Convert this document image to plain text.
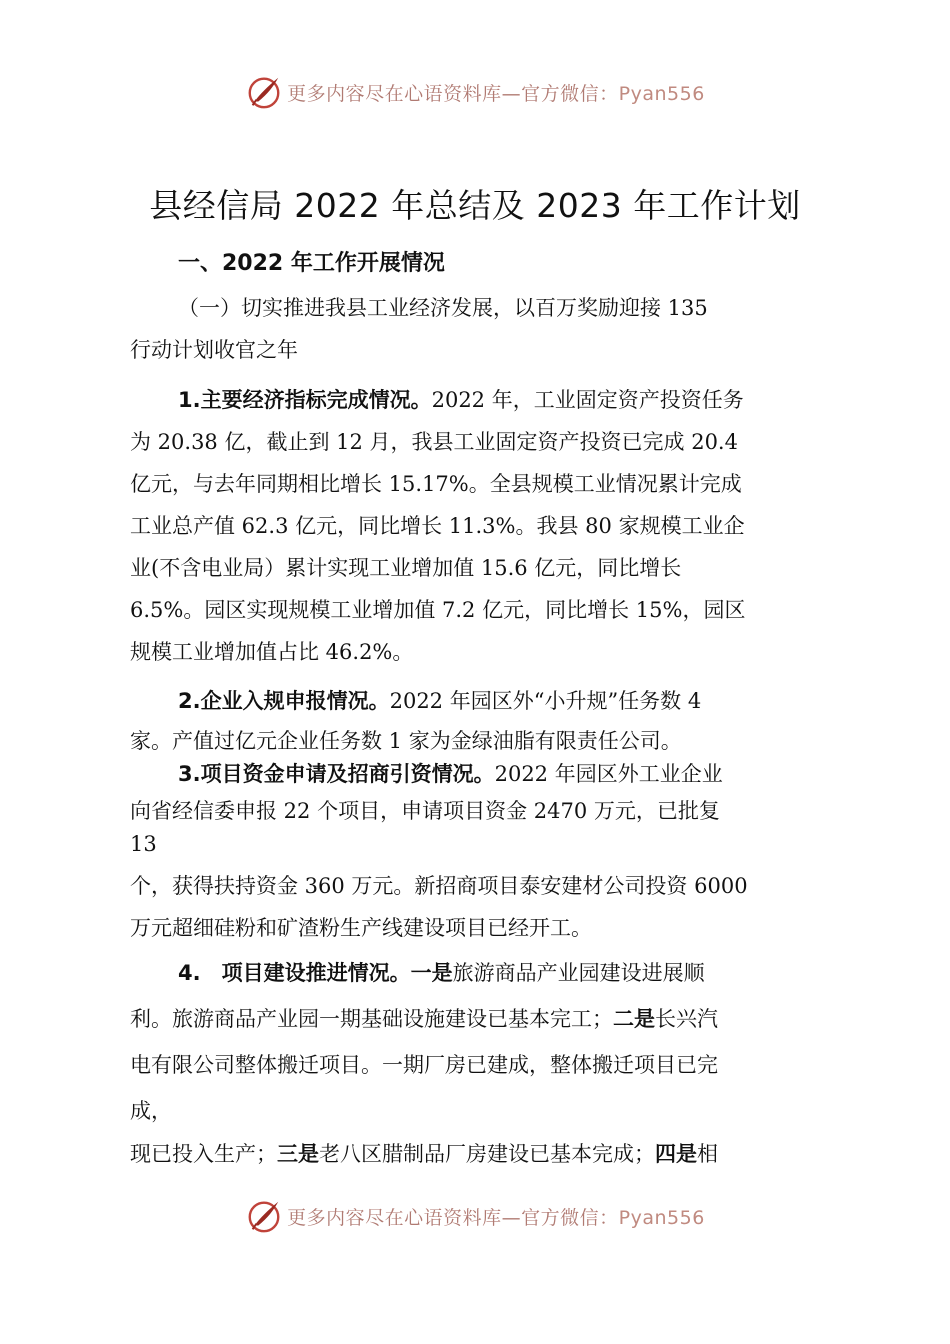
更多内容尽在心语资料库—官方微信：Pyan556
县经信局 2022 年总结及 2023 年工作计划
一、2022 年工作开展情况
（一）切实推进我县工业经济发展，以百万奖励迎接 135
行动计划收官之年
1.主要经济指标完成情况。2022 年，工业固定资产投资任务
为 20.38 亿，截止到 12 月，我县工业固定资产投资已完成 20.4
亿元，与去年同期相比增长 15.17%。全县规模工业情况累计完成
工业总产值 62.3 亿元，同比增长 11.3%。我县 80 家规模工业企
业(不含电业局）累计实现工业增加值 15.6 亿元，同比增长
6.5%。园区实现规模工业增加值 7.2 亿元，同比增长 15%，园区
规模工业增加值占比 46.2%。
2.企业入规申报情况。2022 年园区外“小升规”任务数 4
家。产值过亿元企业任务数 1 家为金绿油脂有限责任公司。
3.项目资金申请及招商引资情况。2022 年园区外工业企业
向省经信委申报 22 个项目，申请项目资金 2470 万元，已批复
13
个，获得扶持资金 360 万元。新招商项目泰安建材公司投资 6000
万元超细硅粉和矿渣粉生产线建设项目已经开工。
4.　项目建设推进情况。一是旅游商品产业园建设进展顺
利。旅游商品产业园一期基础设施建设已基本完工；二是长兴汽
电有限公司整体搬迁项目。一期厂房已建成，整体搬迁项目已完
成，
现已投入生产；三是老八区腊制品厂房建设已基本完成；四是相
更多内容尽在心语资料库—官方微信：Pyan556
